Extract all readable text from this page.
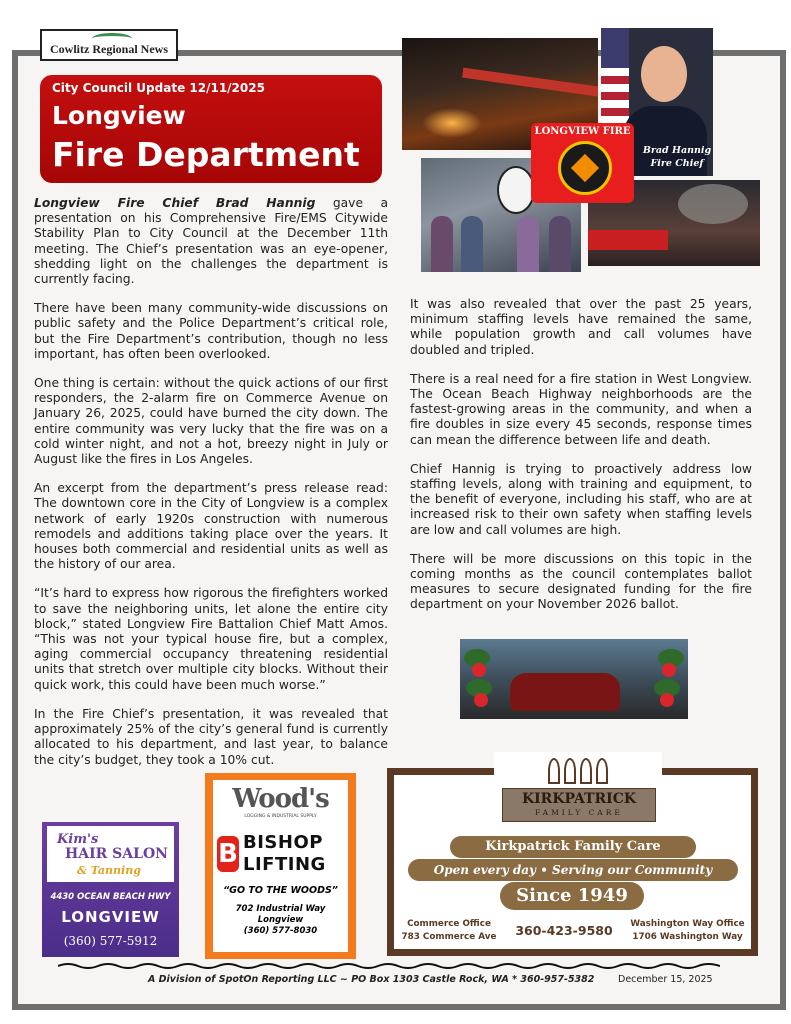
Cowlitz Regional News
City Council Update 12/11/2025
Longview
Fire Department

Longview Fire Chief Brad Hannig gave a presentation on his Comprehensive Fire/EMS Citywide Stability Plan to City Council at the December 11th meeting. The Chief’s presentation was an eye-opener, shedding light on the challenges the department is currently facing.

There have been many community-wide discussions on public safety and the Police Department’s critical role, but the Fire Department’s contribution, though no less important, has often been overlooked.

One thing is certain: without the quick actions of our first responders, the 2-alarm fire on Commerce Avenue on January 26, 2025, could have burned the city down. The entire community was very lucky that the fire was on a cold winter night, and not a hot, breezy night in July or August like the fires in Los Angeles.

An excerpt from the department’s press release read: The downtown core in the City of Longview is a complex network of early 1920s construction with numerous remodels and additions taking place over the years. It houses both commercial and residential units as well as the history of our area.

“It’s hard to express how rigorous the firefighters worked to save the neighboring units, let alone the entire city block,” stated Longview Fire Battalion Chief Matt Amos. “This was not your typical house fire, but a complex, aging commercial occupancy threatening residential units that stretch over multiple city blocks. Without their quick work, this could have been much worse.”

In the Fire Chief’s presentation, it was revealed that approximately 25% of the city’s general fund is currently allocated to his department, and last year, to balance the city’s budget, they took a 10% cut.

It was also revealed that over the past 25 years, minimum staffing levels have remained the same, while population growth and call volumes have doubled and tripled.

There is a real need for a fire station in West Longview. The Ocean Beach Highway neighborhoods are the fastest-growing areas in the community, and when a fire doubles in size every 45 seconds, response times can mean the difference between life and death.

Chief Hannig is trying to proactively address low staffing levels, along with training and equipment, to the benefit of everyone, including his staff, who are at increased risk to their own safety when staffing levels are low and call volumes are high.

There will be more discussions on this topic in the coming months as the council contemplates ballot measures to secure designated funding for the fire department on your November 2026 ballot.

Brad Hannig
Fire Chief
LONGVIEW FIRE
Kim's
HAIR SALON
& Tanning
4430 OCEAN BEACH HWY
LONGVIEW
(360) 577-5912
Wood's
LOGGING & INDUSTRIAL SUPPLY
B BISHOP
LIFTING
“GO TO THE WOODS”
702 Industrial Way
Longview
(360) 577-8030
KIRKPATRICK
FAMILY CARE
Kirkpatrick Family Care
Open every day • Serving our Community
Since 1949
Commerce Office
783 Commerce Ave	360-423-9580	Washington Way Office
1706 Washington Way
A Division of SpotOn Reporting LLC ~ PO Box 1303 Castle Rock, WA * 360-957-5382 December 15, 2025
